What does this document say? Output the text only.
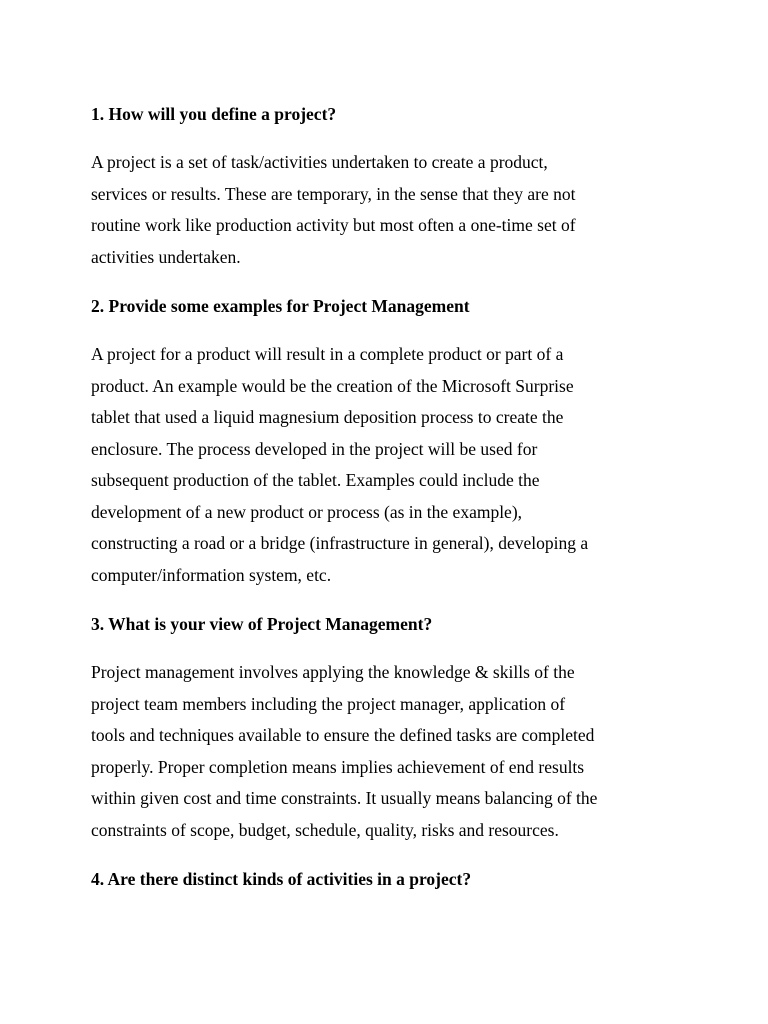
1. How will you define a project?
A project is a set of task/activities undertaken to create a product,
services or results. These are temporary, in the sense that they are not
routine work like production activity but most often a one-time set of
activities undertaken.
2. Provide some examples for Project Management
A project for a product will result in a complete product or part of a
product. An example would be the creation of the Microsoft Surprise
tablet that used a liquid magnesium deposition process to create the
enclosure. The process developed in the project will be used for
subsequent production of the tablet. Examples could include the
development of a new product or process (as in the example),
constructing a road or a bridge (infrastructure in general), developing a
computer/information system, etc.
3. What is your view of Project Management?
Project management involves applying the knowledge & skills of the
project team members including the project manager, application of
tools and techniques available to ensure the defined tasks are completed
properly. Proper completion means implies achievement of end results
within given cost and time constraints. It usually means balancing of the
constraints of scope, budget, schedule, quality, risks and resources.
4. Are there distinct kinds of activities in a project?
